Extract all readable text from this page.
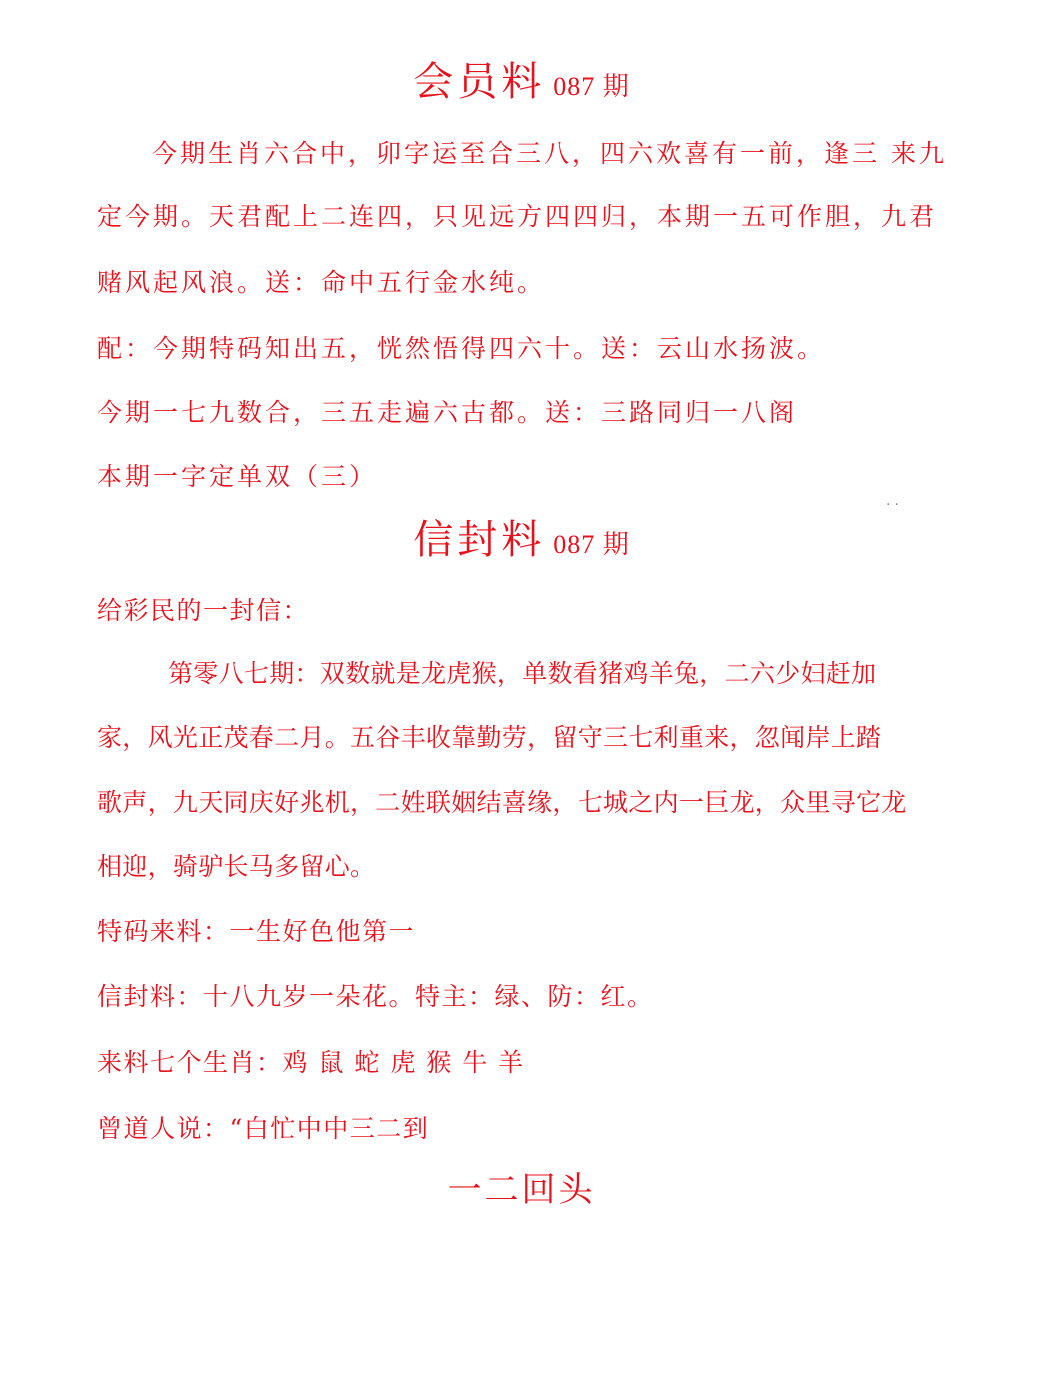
会员料 087 期
今期生肖六合中，卯字运至合三八，四六欢喜有一前，逢三 来九
定今期。天君配上二连四，只见远方四四归，本期一五可作胆，九君
赌风起风浪。送：命中五行金水纯。
配：今期特码知出五，恍然悟得四六十。送：云山水扬波。
今期一七九数合，三五走遍六古都。送：三路同归一八阁
本期一字定单双（三）
··
信封料 087 期
给彩民的一封信：
第零八七期：双数就是龙虎猴，单数看猪鸡羊兔，二六少妇赶加
家，风光正茂春二月。五谷丰收靠勤劳，留守三七利重来，忽闻岸上踏
歌声，九天同庆好兆机，二姓联姻结喜缘，七城之内一巨龙，众里寻它龙
相迎，骑驴长马多留心。
特码来料：一生好色他第一
信封料：十八九岁一朵花。特主：绿、防：红。
来料七个生肖：鸡 鼠 蛇 虎 猴 牛 羊
曾道人说：“白忙中中三二到
一二回头
